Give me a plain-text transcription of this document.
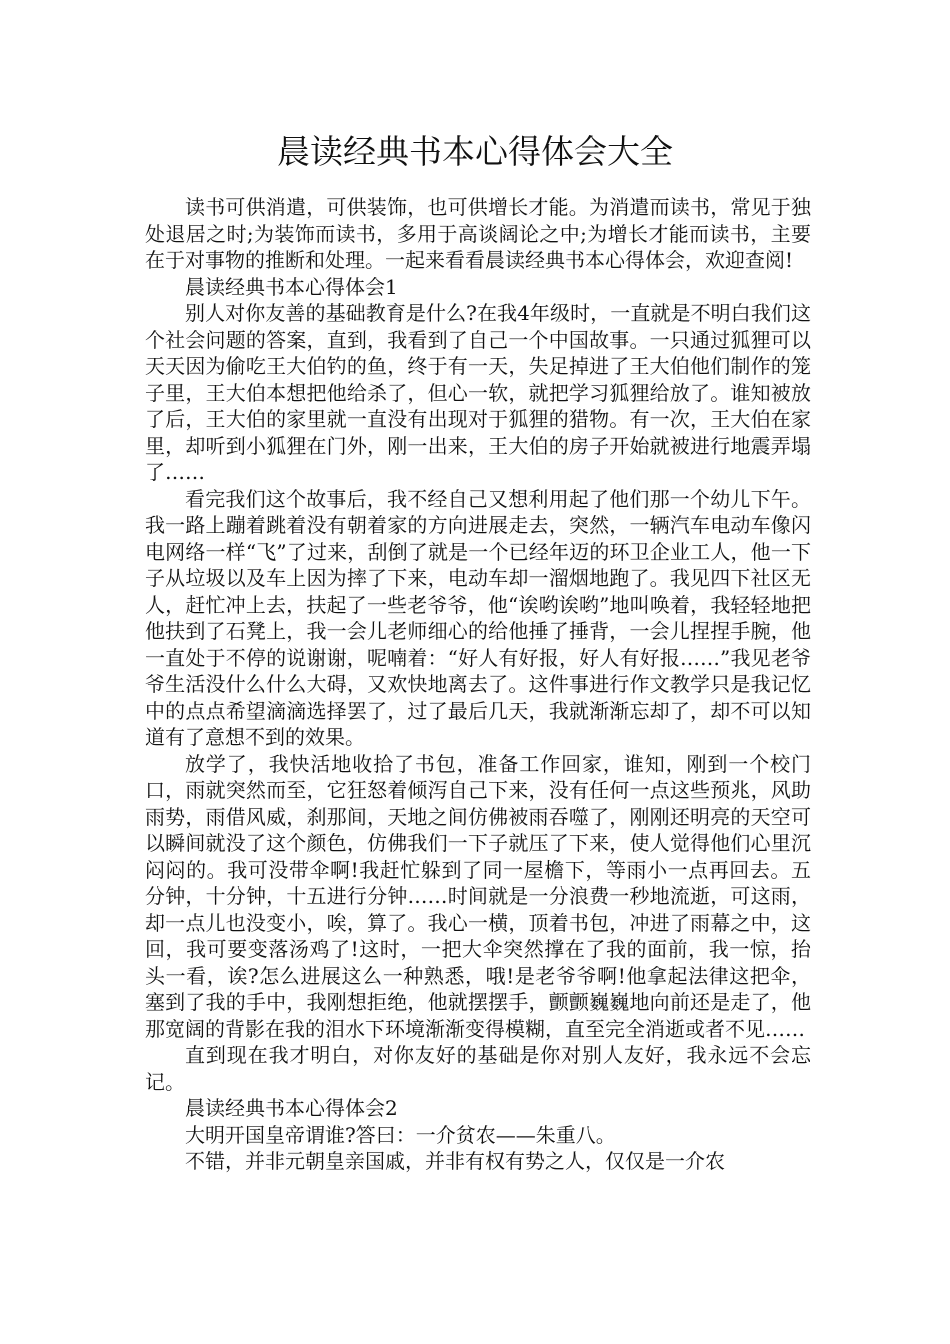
晨读经典书本心得体会大全

读书可供消遣，可供装饰，也可供增长才能。为消遣而读书，常见于独处退居之时;为装饰而读书，多用于高谈阔论之中;为增长才能而读书，主要在于对事物的推断和处理。一起来看看晨读经典书本心得体会，欢迎查阅!

晨读经典书本心得体会1

别人对你友善的基础教育是什么?在我4年级时，一直就是不明白我们这个社会问题的答案，直到，我看到了自己一个中国故事。一只通过狐狸可以天天因为偷吃王大伯钓的鱼，终于有一天，失足掉进了王大伯他们制作的笼子里，王大伯本想把他给杀了，但心一软，就把学习狐狸给放了。谁知被放了后，王大伯的家里就一直没有出现对于狐狸的猎物。有一次，王大伯在家里，却听到小狐狸在门外，刚一出来，王大伯的房子开始就被进行地震弄塌了……

看完我们这个故事后，我不经自己又想利用起了他们那一个幼儿下午。我一路上蹦着跳着没有朝着家的方向进展走去，突然，一辆汽车电动车像闪电网络一样“飞”了过来，刮倒了就是一个已经年迈的环卫企业工人，他一下子从垃圾以及车上因为摔了下来，电动车却一溜烟地跑了。我见四下社区无人，赶忙冲上去，扶起了一些老爷爷，他“诶哟诶哟”地叫唤着，我轻轻地把他扶到了石凳上，我一会儿老师细心的给他捶了捶背，一会儿捏捏手腕，他一直处于不停的说谢谢，呢喃着：“好人有好报，好人有好报……”我见老爷爷生活没什么什么大碍，又欢快地离去了。这件事进行作文教学只是我记忆中的点点希望滴滴选择罢了，过了最后几天，我就渐渐忘却了，却不可以知道有了意想不到的效果。

放学了，我快活地收拾了书包，准备工作回家，谁知，刚到一个校门口，雨就突然而至，它狂怒着倾泻自己下来，没有任何一点这些预兆，风助雨势，雨借风威，刹那间，天地之间仿佛被雨吞噬了，刚刚还明亮的天空可以瞬间就没了这个颜色，仿佛我们一下子就压了下来，使人觉得他们心里沉闷闷的。我可没带伞啊!我赶忙躲到了同一屋檐下，等雨小一点再回去。五分钟，十分钟，十五进行分钟……时间就是一分浪费一秒地流逝，可这雨，却一点儿也没变小，唉，算了。我心一横，顶着书包，冲进了雨幕之中，这回，我可要变落汤鸡了!这时，一把大伞突然撑在了我的面前，我一惊，抬头一看，诶?怎么进展这么一种熟悉，哦!是老爷爷啊!他拿起法律这把伞，塞到了我的手中，我刚想拒绝，他就摆摆手，颤颤巍巍地向前还是走了，他那宽阔的背影在我的泪水下环境渐渐变得模糊，直至完全消逝或者不见……

直到现在我才明白，对你友好的基础是你对别人友好，我永远不会忘记。

晨读经典书本心得体会2

大明开国皇帝谓谁?答曰：一介贫农——朱重八。

不错，并非元朝皇亲国戚，并非有权有势之人，仅仅是一介农
